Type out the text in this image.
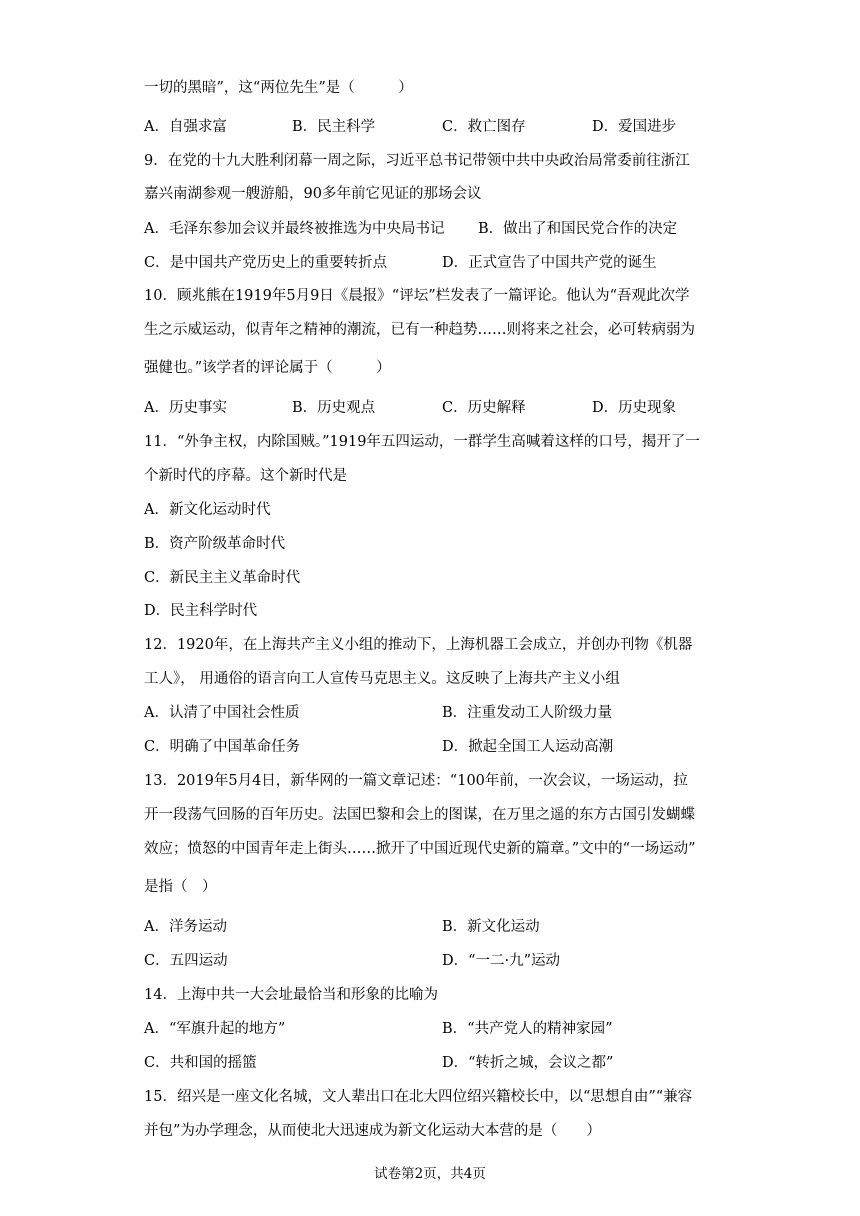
一切的黑暗”，这“两位先生”是（　　　）
A．自强求富	B．民主科学	C．救亡图存	D．爱国进步
9．在党的十九大胜利闭幕一周之际，习近平总书记带领中共中央政治局常委前往浙江
嘉兴南湖参观一艘游船，90多年前它见证的那场会议
A．毛泽东参加会议并最终被推选为中央局书记 B．做出了和国民党合作的决定
C．是中国共产党历史上的重要转折点	D．正式宣告了中国共产党的诞生
10．顾兆熊在1919年5月9日《晨报》“评坛”栏发表了一篇评论。他认为“吾观此次学
生之示威运动，似青年之精神的潮流，已有一种趋势……则将来之社会，必可转病弱为
强健也。”该学者的评论属于（　　　）
A．历史事实	B．历史观点	C．历史解释	D．历史现象
11．“外争主权，内除国贼。”1919年五四运动，一群学生高喊着这样的口号，揭开了一
个新时代的序幕。这个新时代是
A．新文化运动时代
B．资产阶级革命时代
C．新民主主义革命时代
D．民主科学时代
12．1920年，在上海共产主义小组的推动下，上海机器工会成立，并创办刊物《机器
工人》， 用通俗的语言向工人宣传马克思主义。这反映了上海共产主义小组
A．认清了中国社会性质	B．注重发动工人阶级力量
C．明确了中国革命任务	D．掀起全国工人运动高潮
13．2019年5月4日，新华网的一篇文章记述：“100年前，一次会议，一场运动，拉
开一段荡气回肠的百年历史。法国巴黎和会上的图谋，在万里之遥的东方古国引发蝴蝶
效应；愤怒的中国青年走上街头……掀开了中国近现代史新的篇章。”文中的“一场运动”
是指（　）
A．洋务运动	B．新文化运动
C．五四运动	D．“一二·九”运动
14．上海中共一大会址最恰当和形象的比喻为
A．“军旗升起的地方”	B．“共产党人的精神家园”
C．共和国的摇篮	D．“转折之城，会议之都”
15．绍兴是一座文化名城，文人辈出口在北大四位绍兴籍校长中，以“思想自由”“兼容
并包”为办学理念，从而使北大迅速成为新文化运动大本营的是（　　）
试卷第2页，共4页
